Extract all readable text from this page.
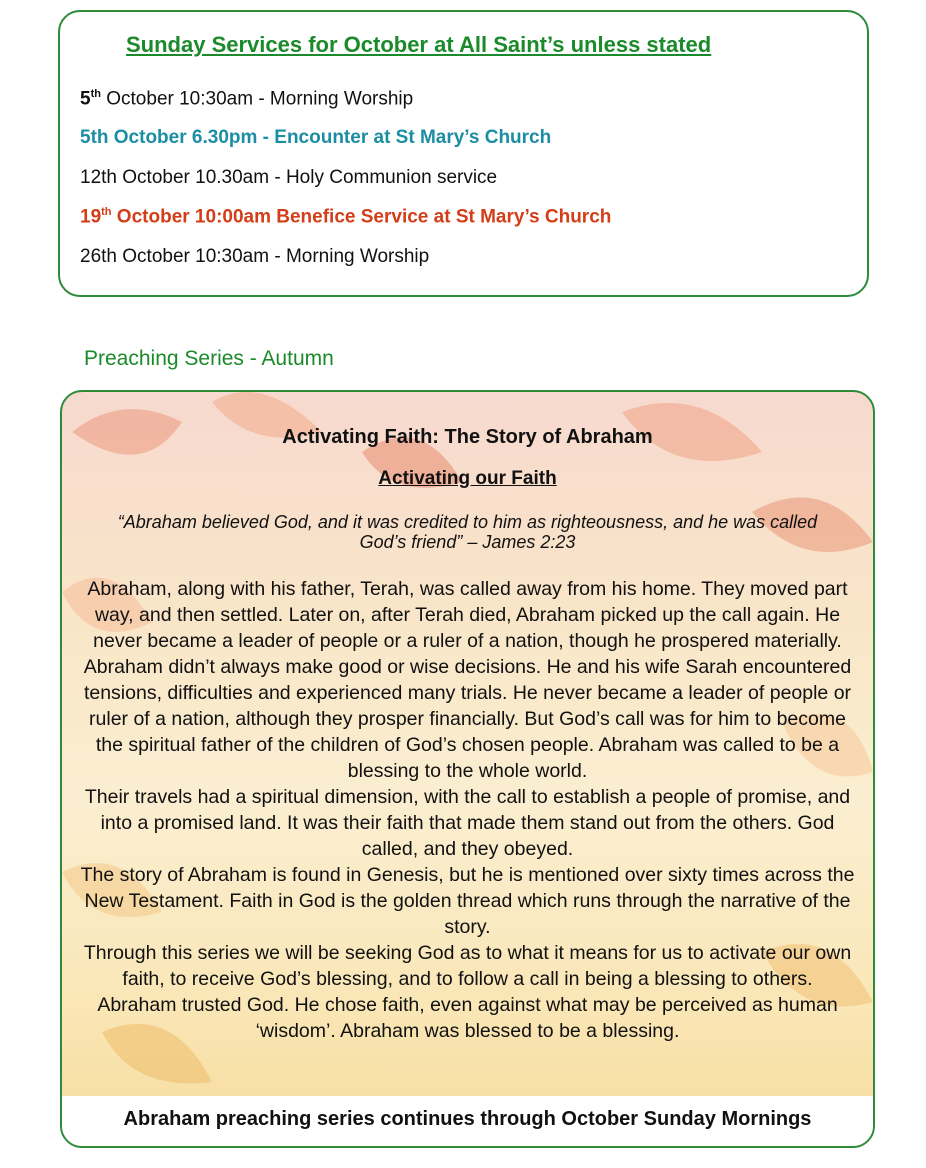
Sunday Services for October at All Saint’s unless stated
5th October 10:30am - Morning Worship
5th October 6.30pm - Encounter at St Mary’s Church
12th October 10.30am - Holy Communion service
19th October 10:00am Benefice Service at St Mary’s Church
26th October 10:30am - Morning Worship
Preaching Series - Autumn
Activating Faith: The Story of Abraham
Activating our Faith
“Abraham believed God, and it was credited to him as righteousness, and he was called God’s friend” – James 2:23

Abraham, along with his father, Terah, was called away from his home. They moved part way, and then settled. Later on, after Terah died, Abraham picked up the call again. He never became a leader of people or a ruler of a nation, though he prospered materially.

Abraham didn’t always make good or wise decisions. He and his wife Sarah encountered tensions, difficulties and experienced many trials. He never became a leader of people or ruler of a nation, although they prosper financially. But God’s call was for him to become the spiritual father of the children of God’s chosen people. Abraham was called to be a blessing to the whole world.

Their travels had a spiritual dimension, with the call to establish a people of promise, and into a promised land. It was their faith that made them stand out from the others. God called, and they obeyed.

The story of Abraham is found in Genesis, but he is mentioned over sixty times across the New Testament. Faith in God is the golden thread which runs through the narrative of the story.

Through this series we will be seeking God as to what it means for us to activate our own faith, to receive God’s blessing, and to follow a call in being a blessing to others.

Abraham trusted God. He chose faith, even against what may be perceived as human ‘wisdom’. Abraham was blessed to be a blessing.

Abraham preaching series continues through October Sunday Mornings
